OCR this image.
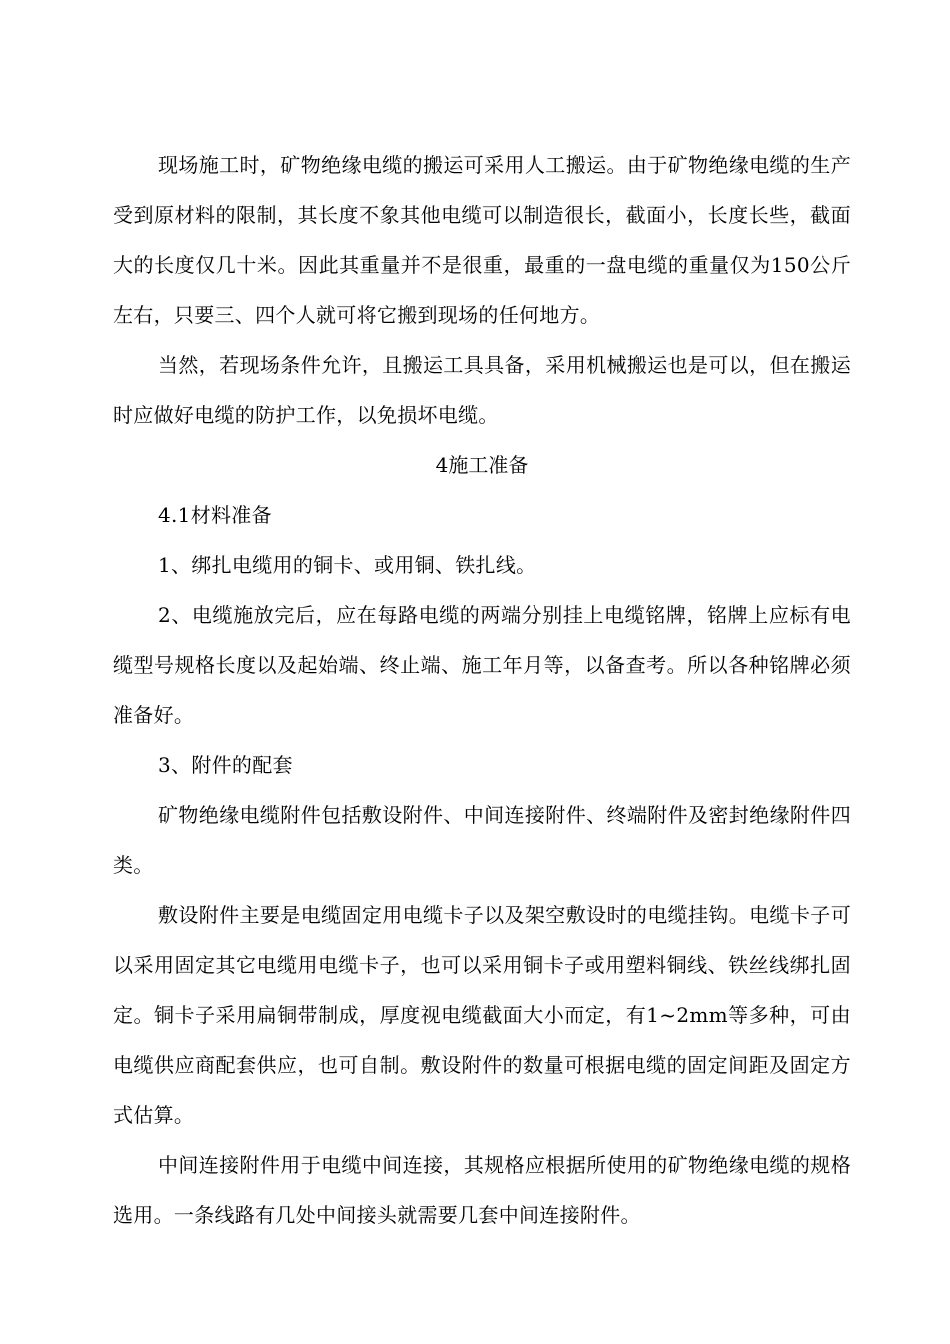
现场施工时，矿物绝缘电缆的搬运可采用人工搬运。由于矿物绝缘电缆的生产受到原材料的限制，其长度不象其他电缆可以制造很长，截面小，长度长些，截面大的长度仅几十米。因此其重量并不是很重，最重的一盘电缆的重量仅为150公斤左右，只要三、四个人就可将它搬到现场的任何地方。

当然，若现场条件允许，且搬运工具具备，采用机械搬运也是可以，但在搬运时应做好电缆的防护工作，以免损坏电缆。

4施工准备

4.1材料准备

1、绑扎电缆用的铜卡、或用铜、铁扎线。

2、电缆施放完后，应在每路电缆的两端分别挂上电缆铭牌，铭牌上应标有电缆型号规格长度以及起始端、终止端、施工年月等，以备查考。所以各种铭牌必须准备好。

3、附件的配套

矿物绝缘电缆附件包括敷设附件、中间连接附件、终端附件及密封绝缘附件四类。

敷设附件主要是电缆固定用电缆卡子以及架空敷设时的电缆挂钩。电缆卡子可以采用固定其它电缆用电缆卡子，也可以采用铜卡子或用塑料铜线、铁丝线绑扎固定。铜卡子采用扁铜带制成，厚度视电缆截面大小而定，有1~2mm等多种，可由电缆供应商配套供应，也可自制。敷设附件的数量可根据电缆的固定间距及固定方式估算。

中间连接附件用于电缆中间连接，其规格应根据所使用的矿物绝缘电缆的规格选用。一条线路有几处中间接头就需要几套中间连接附件。
